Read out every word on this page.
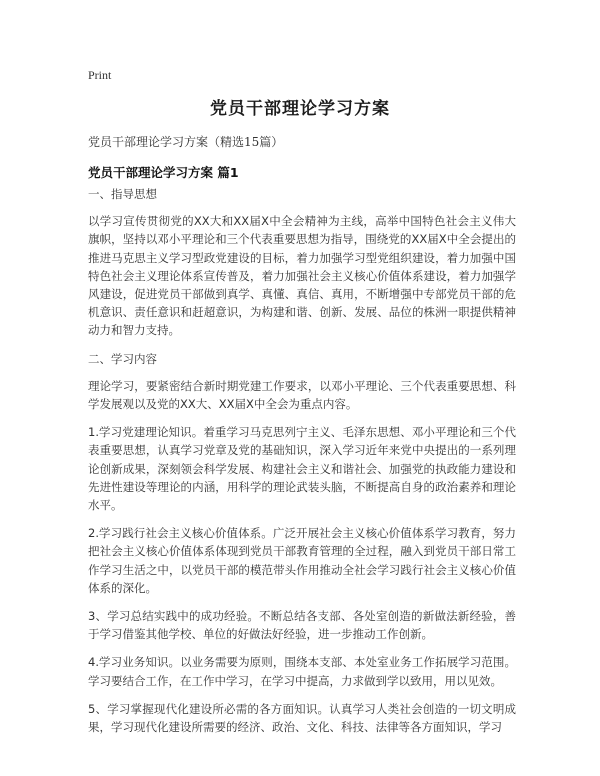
Print
党员干部理论学习方案
党员干部理论学习方案（精选15篇）
党员干部理论学习方案 篇1

一、指导思想

以学习宣传贯彻党的XX大和XX届X中全会精神为主线，高举中国特色社会主义伟大旗帜，坚持以邓小平理论和三个代表重要思想为指导，围绕党的XX届X中全会提出的推进马克思主义学习型政党建设的目标，着力加强学习型党组织建设，着力加强中国特色社会主义理论体系宣传普及，着力加强社会主义核心价值体系建设，着力加强学风建设，促进党员干部做到真学、真懂、真信、真用，不断增强中专部党员干部的危机意识、责任意识和赶超意识，为构建和谐、创新、发展、品位的株洲一职提供精神动力和智力支持。

二、学习内容

理论学习，要紧密结合新时期党建工作要求，以邓小平理论、三个代表重要思想、科学发展观以及党的XX大、XX届X中全会为重点内容。

1.学习党建理论知识。着重学习马克思列宁主义、毛泽东思想、邓小平理论和三个代表重要思想，认真学习党章及党的基础知识，深入学习近年来党中央提出的一系列理论创新成果，深刻领会科学发展、构建社会主义和谐社会、加强党的执政能力建设和先进性建设等理论的内涵，用科学的理论武装头脑，不断提高自身的政治素养和理论水平。

2.学习践行社会主义核心价值体系。广泛开展社会主义核心价值体系学习教育，努力把社会主义核心价值体系体现到党员干部教育管理的全过程，融入到党员干部日常工作学习生活之中，以党员干部的模范带头作用推动全社会学习践行社会主义核心价值体系的深化。

3、学习总结实践中的成功经验。不断总结各支部、各处室创造的新做法新经验，善于学习借鉴其他学校、单位的好做法好经验，进一步推动工作创新。

4.学习业务知识。以业务需要为原则，围绕本支部、本处室业务工作拓展学习范围。学习要结合工作，在工作中学习，在学习中提高，力求做到学以致用，用以见效。

5、学习掌握现代化建设所必需的各方面知识。认真学习人类社会创造的一切文明成果，学习现代化建设所需要的经济、政治、文化、科技、法律等各方面知识，学习
